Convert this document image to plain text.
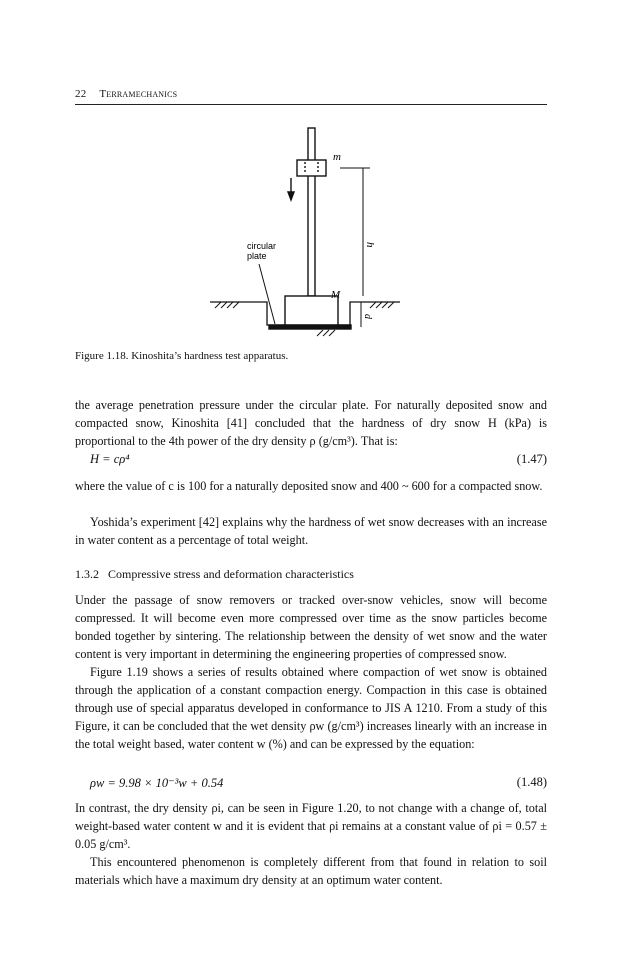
22 Terramechanics
m
h
M
d
circular plate
Figure 1.18. Kinoshita’s hardness test apparatus.

the average penetration pressure under the circular plate. For naturally deposited snow and compacted snow, Kinoshita [41] concluded that the hardness of dry snow H (kPa) is proportional to the 4th power of the dry density ρ (g/cm³). That is:

H = cρ⁴	(1.47)

where the value of c is 100 for a naturally deposited snow and 400 ~ 600 for a compacted snow.

Yoshida’s experiment [42] explains why the hardness of wet snow decreases with an increase in water content as a percentage of total weight.

1.3.2 Compressive stress and deformation characteristics

Under the passage of snow removers or tracked over-snow vehicles, snow will become compressed. It will become even more compressed over time as the snow particles become bonded together by sintering. The relationship between the density of wet snow and the water content is very important in determining the engineering properties of compressed snow.

Figure 1.19 shows a series of results obtained where compaction of wet snow is obtained through the application of a constant compaction energy. Compaction in this case is obtained through use of special apparatus developed in conformance to JIS A 1210. From a study of this Figure, it can be concluded that the wet density ρw (g/cm³) increases linearly with an increase in the total weight based, water content w (%) and can be expressed by the equation:

ρw = 9.98 × 10⁻³w + 0.54	(1.48)

In contrast, the dry density ρi, can be seen in Figure 1.20, to not change with a change of, total weight-based water content w and it is evident that ρi remains at a constant value of ρi = 0.57 ± 0.05 g/cm³.

This encountered phenomenon is completely different from that found in relation to soil materials which have a maximum dry density at an optimum water content.
